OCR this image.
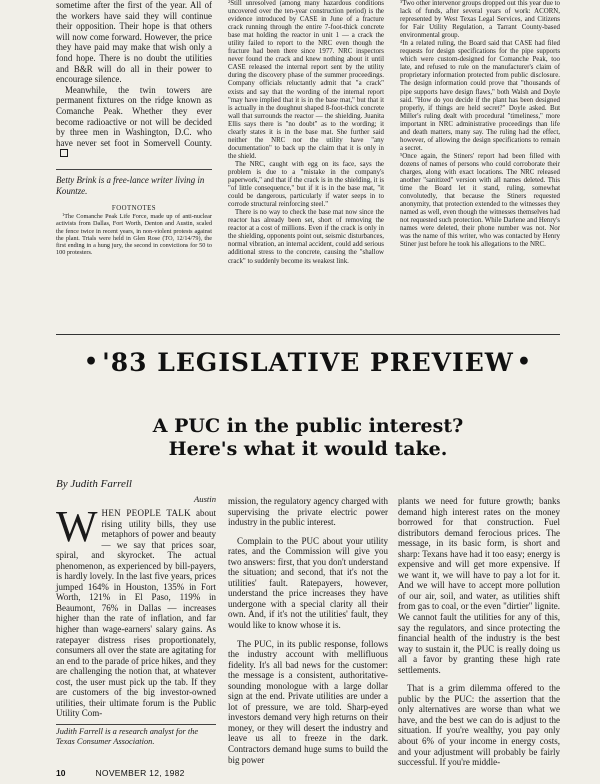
sometime after the first of the year. All of the workers have said they will continue their opposition. Their hope is that others will now come forward. However, the price they have paid may make that wish only a fond hope. There is no doubt the utilities and B&R will do all in their power to encourage silence.

Meanwhile, the twin towers are permanent fixtures on the ridge known as Comanche Peak. Whether they ever become radioactive or not will be decided by three men in Washington, D.C. who have never set foot in Somervell County.

Betty Brink is a free-lance writer living in Kountze.

FOOTNOTES

$^1$The Comanche Peak Life Force, made up of anti-nuclear activists from Dallas, Fort Worth, Denton and Austin, scaled the fence twice in recent years, in non-violent protests against the plant. Trials were held in Glen Rose (TO, 12/14/79), the first ending in a hung jury, the second in convictions for 50 to 100 protesters.

$^2$Still unresolved (among many hazardous conditions uncovered over the ten-year construction period) is the evidence introduced by CASE in June of a fracture crack running through the entire 7-foot-thick concrete base mat holding the reactor in unit 1 — a crack the utility failed to report to the NRC even though the fracture had been there since 1977. NRC inspectors never found the crack and knew nothing about it until CASE released the internal report sent by the utility during the discovery phase of the summer proceedings. Company officials reluctantly admit that "a crack" exists and say that the wording of the internal report "may have implied that it is in the base mat," but that it is actually in the doughnut shaped 8-foot-thick concrete wall that surrounds the reactor — the shielding. Juanita Ellis says there is "no doubt" as to the wording; it clearly states it is in the base mat. She further said neither the NRC nor the utility have "any documentation" to back up the claim that it is only in the shield.

The NRC, caught with egg on its face, says the problem is due to a "mistake in the company's paperwork," and that if the crack is in the shielding, it is "of little consequence," but if it is in the base mat, "it could be dangerous, particularly if water seeps in to corrode structural reinforcing steel."

There is no way to check the base mat now since the reactor has already been set, short of removing the reactor at a cost of millions. Even if the crack is only in the shielding, opponents point out, seismic disturbances, normal vibration, an internal accident, could add serious additional stress to the concrete, causing the "shallow crack" to suddenly become its weakest link.

$^3$Two other intervenor groups dropped out this year due to lack of funds, after several years of work: ACORN, represented by West Texas Legal Services, and Citizens for Fair Utility Regulation, a Tarrant County-based environmental group.

$^4$In a related ruling, the Board said that CASE had filed requests for design specifications for the pipe supports which were custom-designed for Comanche Peak, too late, and refused to rule on the manufacturer's claim of proprietary information protected from public disclosure. The design information could prove that "thousands of pipe supports have design flaws," both Walsh and Doyle said. "How do you decide if the plant has been designed properly, if things are held secret?" Doyle asked. But Miller's ruling dealt with procedural "timeliness," more important in NRC administrative proceedings than life and death matters, many say. The ruling had the effect, however, of allowing the design specifications to remain a secret.

$^5$Once again, the Stiners' report had been filled with dozens of names of persons who could corroborate their charges, along with exact locations. The NRC released another "sanitized" version with all names deleted. This time the Board let it stand, ruling, somewhat convolutedly, that because the Stiners requested anonymity, that protection extended to the witnesses they named as well, even though the witnesses themselves had not requested such protection. While Darlene and Henry's names were deleted, their phone number was not. Nor was the name of this writer, who was contacted by Henry Stiner just before he took his allegations to the NRC.

• '83 LEGISLATIVE PREVIEW •
A PUC in the public interest?
Here's what it would take.

By Judith Farrell

Austin

WHEN PEOPLE TALK about rising utility bills, they use metaphors of power and beauty — we say that prices soar, spiral, and skyrocket. The actual phenomenon, as experienced by bill-payers, is hardly lovely. In the last five years, prices jumped 164% in Houston, 135% in Fort Worth, 121% in El Paso, 119% in Beaumont, 76% in Dallas — increases higher than the rate of inflation, and far higher than wage-earners' salary gains. As ratepayer distress rises proportionately, consumers all over the state are agitating for an end to the parade of price hikes, and they are challenging the notion that, at whatever cost, the user must pick up the tab. If they are customers of the big investor-owned utilities, their ultimate forum is the Public Utility Com-

Judith Farrell is a research analyst for the Texas Consumer Association.

mission, the regulatory agency charged with supervising the private electric power industry in the public interest.

Complain to the PUC about your utility rates, and the Commission will give you two answers: first, that you don't understand the situation; and second, that it's not the utilities' fault. Ratepayers, however, understand the price increases they have undergone with a special clarity all their own. And, if it's not the utilities' fault, they would like to know whose it is.

The PUC, in its public response, follows the industry account with mellifluous fidelity. It's all bad news for the customer: the message is a consistent, authoritative-sounding monologue with a large dollar sign at the end. Private utilities are under a lot of pressure, we are told. Sharp-eyed investors demand very high returns on their money, or they will desert the industry and leave us all to freeze in the dark. Contractors demand huge sums to build the big power

plants we need for future growth; banks demand high interest rates on the money borrowed for that construction. Fuel distributors demand ferocious prices. The message, in its basic form, is short and sharp: Texans have had it too easy; energy is expensive and will get more expensive. If we want it, we will have to pay a lot for it. And we will have to accept more pollution of our air, soil, and water, as utilities shift from gas to coal, or the even "dirtier" lignite. We cannot fault the utilities for any of this, say the regulators, and since protecting the financial health of the industry is the best way to sustain it, the PUC is really doing us all a favor by granting these high rate settlements.

That is a grim dilemma offered to the public by the PUC: the assertion that the only alternatives are worse than what we have, and the best we can do is adjust to the situation. If you're wealthy, you pay only about 6% of your income in energy costs, and your adjustment will probably be fairly successful. If you're middle-

10	NOVEMBER 12, 1982
